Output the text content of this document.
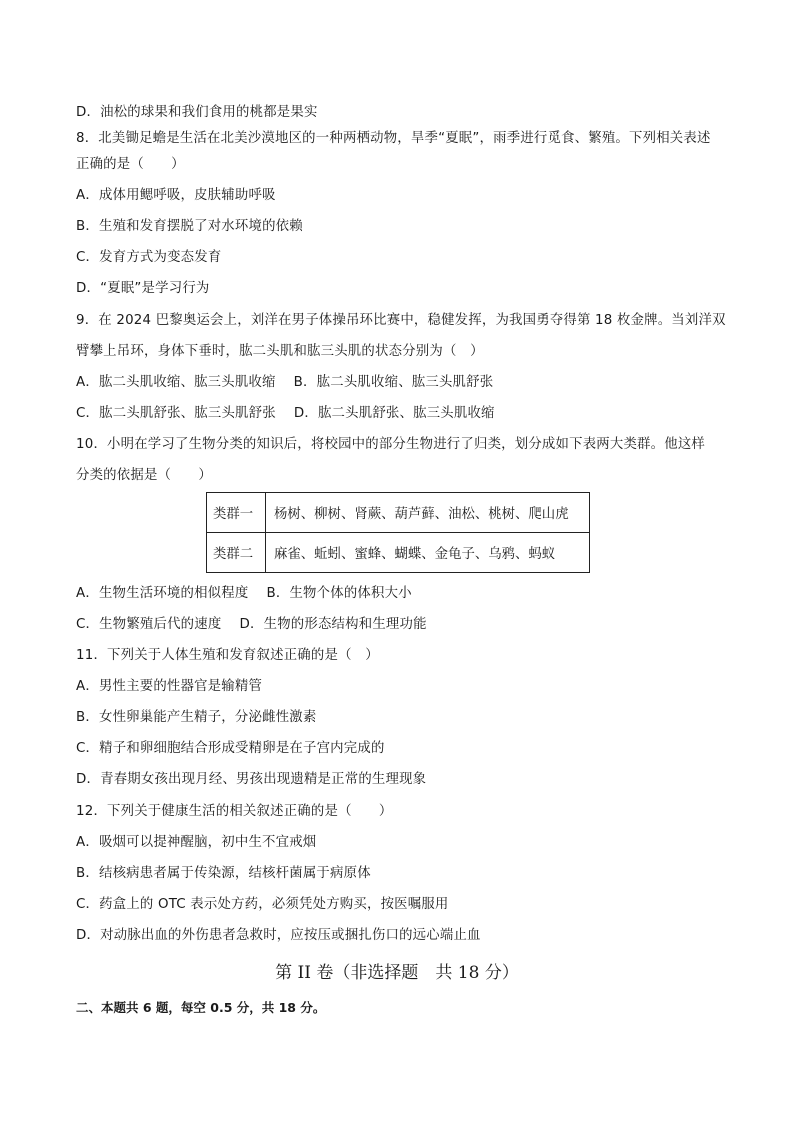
D．油松的球果和我们食用的桃都是果实
8．北美锄足蟾是生活在北美沙漠地区的一种两栖动物，旱季“夏眠”，雨季进行觅食、繁殖。下列相关表述
正确的是（　　）
A．成体用鳃呼吸，皮肤辅助呼吸
B．生殖和发育摆脱了对水环境的依赖
C．发育方式为变态发育
D．“夏眠”是学习行为
9．在 2024 巴黎奥运会上，刘洋在男子体操吊环比赛中，稳健发挥，为我国勇夺得第 18 枚金牌。当刘洋双
臂攀上吊环，身体下垂时，肱二头肌和肱三头肌的状态分别为（　）
A．肱二头肌收缩、肱三头肌收缩　 B．肱二头肌收缩、肱三头肌舒张
C．肱二头肌舒张、肱三头肌舒张　 D．肱二头肌舒张、肱三头肌收缩
10．小明在学习了生物分类的知识后，将校园中的部分生物进行了归类，划分成如下表两大类群。他这样
分类的依据是（　　）
类群一	杨树、柳树、肾蕨、葫芦藓、油松、桃树、爬山虎
类群二	麻雀、蚯蚓、蜜蜂、蝴蝶、金龟子、乌鸦、蚂蚁
A．生物生活环境的相似程度　 B．生物个体的体积大小
C．生物繁殖后代的速度　 D．生物的形态结构和生理功能
11．下列关于人体生殖和发育叙述正确的是（　）
A．男性主要的性器官是输精管
B．女性卵巢能产生精子，分泌雌性激素
C．精子和卵细胞结合形成受精卵是在子宫内完成的
D．青春期女孩出现月经、男孩出现遗精是正常的生理现象
12．下列关于健康生活的相关叙述正确的是（　　）
A．吸烟可以提神醒脑，初中生不宜戒烟
B．结核病患者属于传染源，结核杆菌属于病原体
C．药盒上的 OTC 表示处方药，必须凭处方购买，按医嘱服用
D．对动脉出血的外伤患者急救时，应按压或捆扎伤口的远心端止血
第 II 卷（非选择题　共 18 分）
二、本题共 6 题，每空 0.5 分，共 18 分。
